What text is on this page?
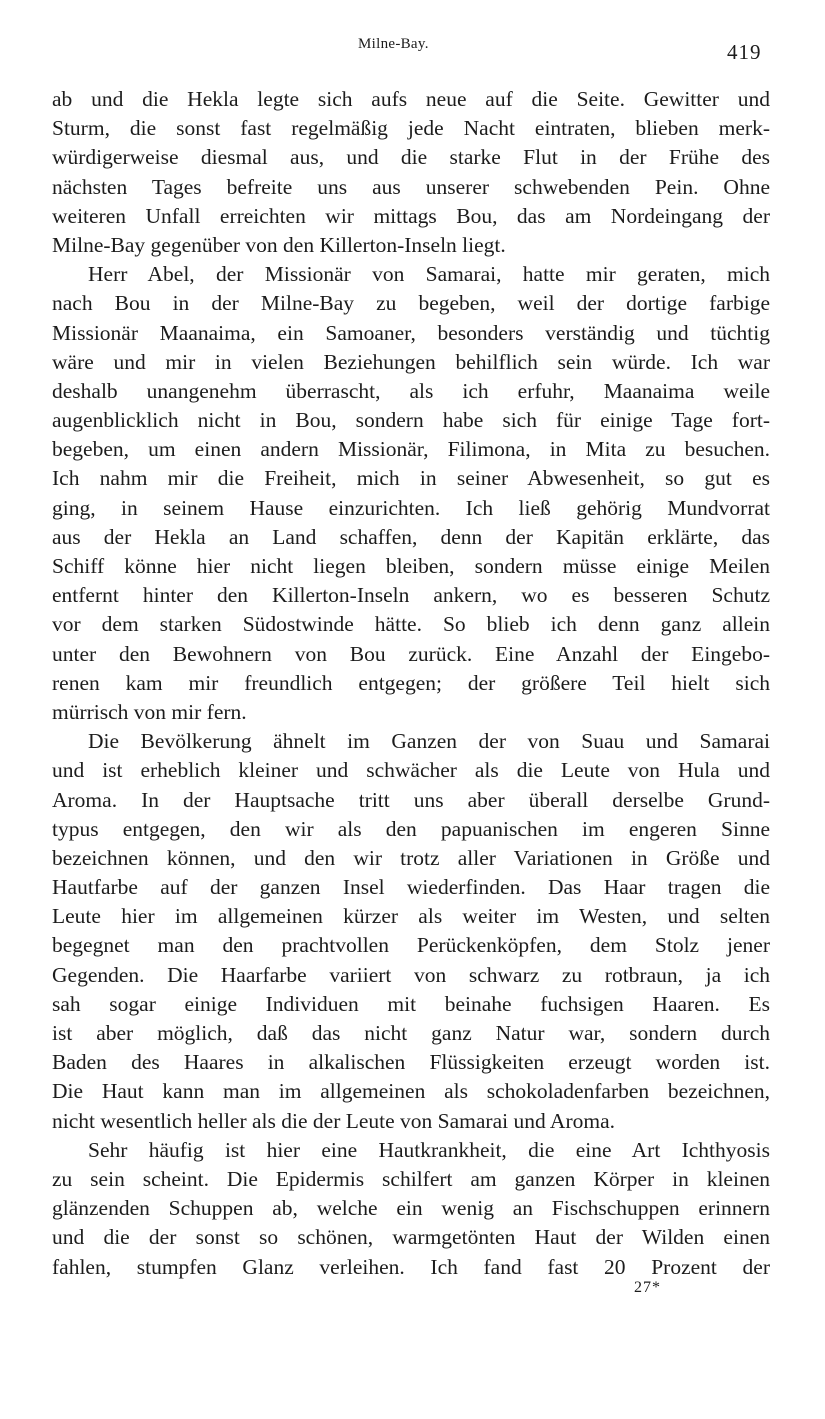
Milne-Bay.	419
ab und die Hekla legte sich aufs neue auf die Seite. Gewitter und
Sturm, die sonst fast regelmäßig jede Nacht eintraten, blieben merk-
würdigerweise diesmal aus, und die starke Flut in der Frühe des
nächsten Tages befreite uns aus unserer schwebenden Pein. Ohne
weiteren Unfall erreichten wir mittags Bou, das am Nordeingang der
Milne-Bay gegenüber von den Killerton-Inseln liegt.
Herr Abel, der Missionär von Samarai, hatte mir geraten, mich
nach Bou in der Milne-Bay zu begeben, weil der dortige farbige
Missionär Maanaima, ein Samoaner, besonders verständig und tüchtig
wäre und mir in vielen Beziehungen behilflich sein würde. Ich war
deshalb unangenehm überrascht, als ich erfuhr, Maanaima weile
augenblicklich nicht in Bou, sondern habe sich für einige Tage fort-
begeben, um einen andern Missionär, Filimona, in Mita zu besuchen.
Ich nahm mir die Freiheit, mich in seiner Abwesenheit, so gut es
ging, in seinem Hause einzurichten. Ich ließ gehörig Mundvorrat
aus der Hekla an Land schaffen, denn der Kapitän erklärte, das
Schiff könne hier nicht liegen bleiben, sondern müsse einige Meilen
entfernt hinter den Killerton-Inseln ankern, wo es besseren Schutz
vor dem starken Südostwinde hätte. So blieb ich denn ganz allein
unter den Bewohnern von Bou zurück. Eine Anzahl der Eingebo-
renen kam mir freundlich entgegen; der größere Teil hielt sich
mürrisch von mir fern.
Die Bevölkerung ähnelt im Ganzen der von Suau und Samarai
und ist erheblich kleiner und schwächer als die Leute von Hula und
Aroma. In der Hauptsache tritt uns aber überall derselbe Grund-
typus entgegen, den wir als den papuanischen im engeren Sinne
bezeichnen können, und den wir trotz aller Variationen in Größe und
Hautfarbe auf der ganzen Insel wiederfinden. Das Haar tragen die
Leute hier im allgemeinen kürzer als weiter im Westen, und selten
begegnet man den prachtvollen Perückenköpfen, dem Stolz jener
Gegenden. Die Haarfarbe variiert von schwarz zu rotbraun, ja ich
sah sogar einige Individuen mit beinahe fuchsigen Haaren. Es
ist aber möglich, daß das nicht ganz Natur war, sondern durch
Baden des Haares in alkalischen Flüssigkeiten erzeugt worden ist.
Die Haut kann man im allgemeinen als schokoladenfarben bezeichnen,
nicht wesentlich heller als die der Leute von Samarai und Aroma.
Sehr häufig ist hier eine Hautkrankheit, die eine Art Ichthyosis
zu sein scheint. Die Epidermis schilfert am ganzen Körper in kleinen
glänzenden Schuppen ab, welche ein wenig an Fischschuppen erinnern
und die der sonst so schönen, warmgetönten Haut der Wilden einen
fahlen, stumpfen Glanz verleihen. Ich fand fast 20 Prozent der
27*
